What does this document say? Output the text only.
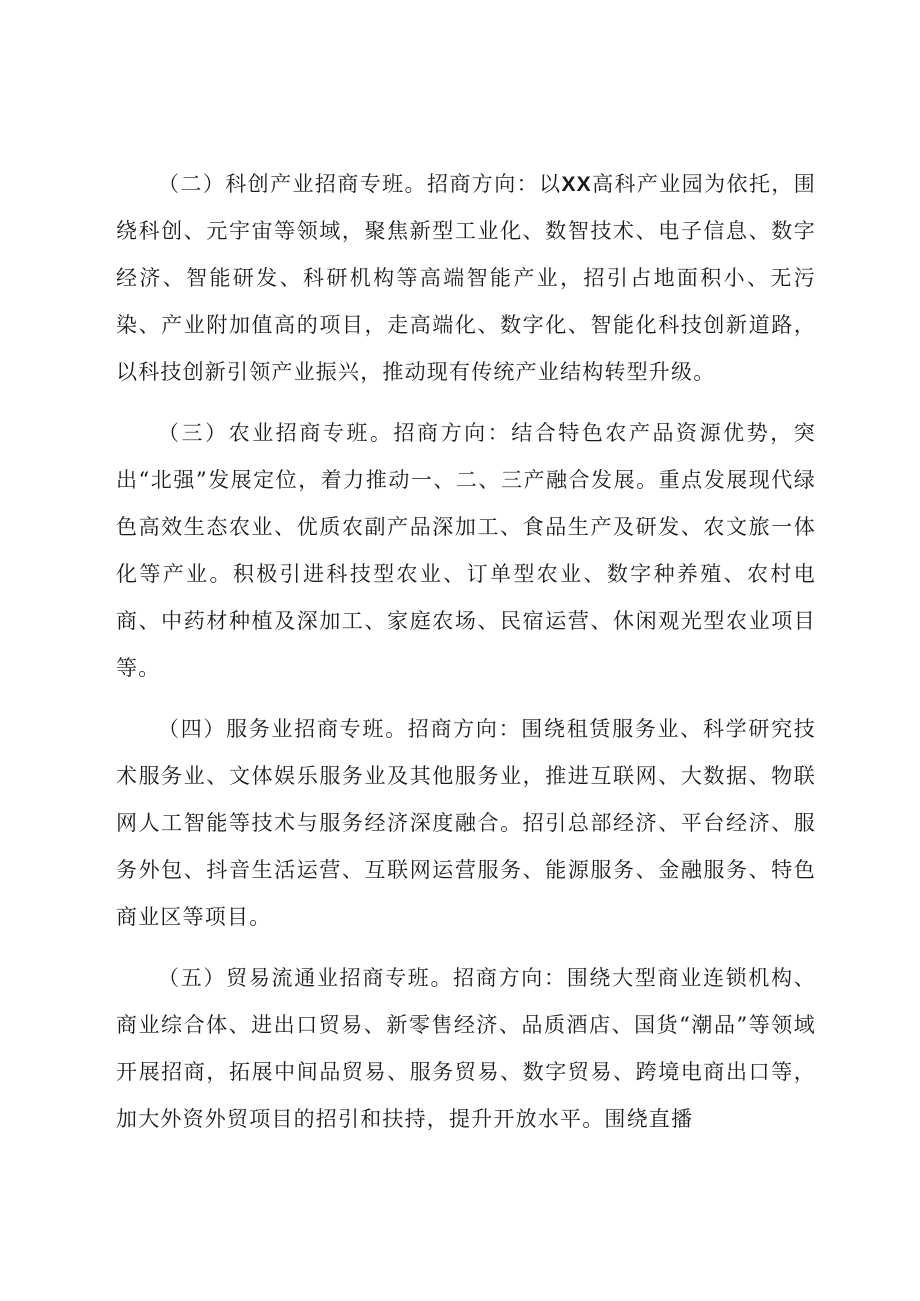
（二）科创产业招商专班。招商方向：以XX高科产业园为依托，围绕科创、元宇宙等领域，聚焦新型工业化、数智技术、电子信息、数字经济、智能研发、科研机构等高端智能产业，招引占地面积小、无污染、产业附加值高的项目，走高端化、数字化、智能化科技创新道路，以科技创新引领产业振兴，推动现有传统产业结构转型升级。

（三）农业招商专班。招商方向：结合特色农产品资源优势，突出“北强”发展定位，着力推动一、二、三产融合发展。重点发展现代绿色高效生态农业、优质农副产品深加工、食品生产及研发、农文旅一体化等产业。积极引进科技型农业、订单型农业、数字种养殖、农村电商、中药材种植及深加工、家庭农场、民宿运营、休闲观光型农业项目等。

（四）服务业招商专班。招商方向：围绕租赁服务业、科学研究技术服务业、文体娱乐服务业及其他服务业，推进互联网、大数据、物联网人工智能等技术与服务经济深度融合。招引总部经济、平台经济、服务外包、抖音生活运营、互联网运营服务、能源服务、金融服务、特色商业区等项目。

（五）贸易流通业招商专班。招商方向：围绕大型商业连锁机构、商业综合体、进出口贸易、新零售经济、品质酒店、国货“潮品”等领域开展招商，拓展中间品贸易、服务贸易、数字贸易、跨境电商出口等，加大外资外贸项目的招引和扶持，提升开放水平。围绕直播
